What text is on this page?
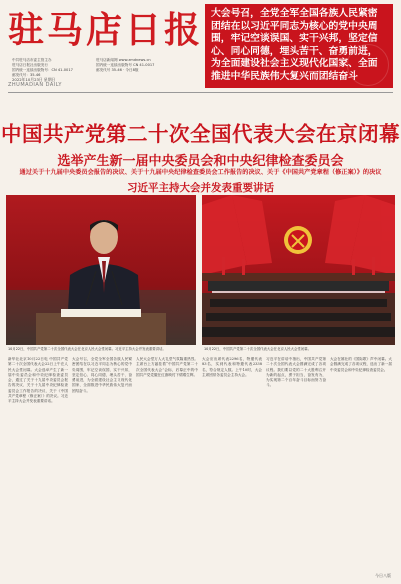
驻马店日报
中共驻马店市委主管主办
驻马店日报社出版发行
国内统一连续出版物号：CN 41-0017
邮发代号：35-46
驻马店新闻网 www.zmdnews.cn
国内统一连续出版物号 CN 41-0017
邮发代号 35-46 · 今日8版
2022年10月23日 星期日
ZHUMADIAN DAILY
大会号召，全党全军全国各族人民紧密团结在以习近平同志为核心的党中央周围，牢记空谈误国、实干兴邦，坚定信心、同心同德，埋头苦干、奋勇前进，为全面建设社会主义现代化国家、全面推进中华民族伟大复兴而团结奋斗
中国共产党第二十次全国代表大会在京闭幕
选举产生新一届中央委员会和中央纪律检查委员会
通过关于十九届中央委员会报告的决议、关于十九届中央纪律检查委员会工作报告的决议、关于《中国共产党章程（修正案）》的决议
习近平主持大会并发表重要讲话
10月22日，中国共产党第二十次全国代表大会在北京人民大会堂闭幕。习近平主持大会并发表重要讲话。	10月22日，中国共产党第二十次全国代表大会在北京人民大会堂闭幕。
新华社北京10月22日电 中国共产党第二十次全国代表大会22日上午在人民大会堂闭幕。大会选举产生了新一届中央委员会和中央纪律检查委员会，通过了关于十九届中央委员会报告的决议、关于十九届中央纪律检查委员会工作报告的决议、关于《中国共产党章程（修正案）》的决议。习近平主持大会并发表重要讲话。
大会号召，全党全军全国各族人民紧密团结在以习近平同志为核心的党中央周围，牢记空谈误国、实干兴邦，坚定信心、同心同德，埋头苦干、奋勇前进，为全面建设社会主义现代化国家、全面推进中华民族伟大复兴而团结奋斗。
人民大会堂万人大礼堂气氛隆重热烈。主席台上方悬挂着“中国共产党第二十次全国代表大会”会标，后幕正中的中国共产党党徽在红旗映衬下熠熠生辉。
大会应出席代表2296名，特邀代表83名，实到代表和特邀代表2338名，符合规定人数。上午10时，大会主席团常务委员会主持大会。
习近平在讲话中指出，中国共产党第二十次全国代表大会圆满完成了各项议程。我们要以党的二十大胜利召开为新的起点，勇于担当，奋发有为，为实现第二个百年奋斗目标而努力奋斗。
大会在雄壮的《国际歌》声中闭幕。大会圆满完成了各项议程，选出了新一届中央委员会和中央纪律检查委员会。
今日八版
